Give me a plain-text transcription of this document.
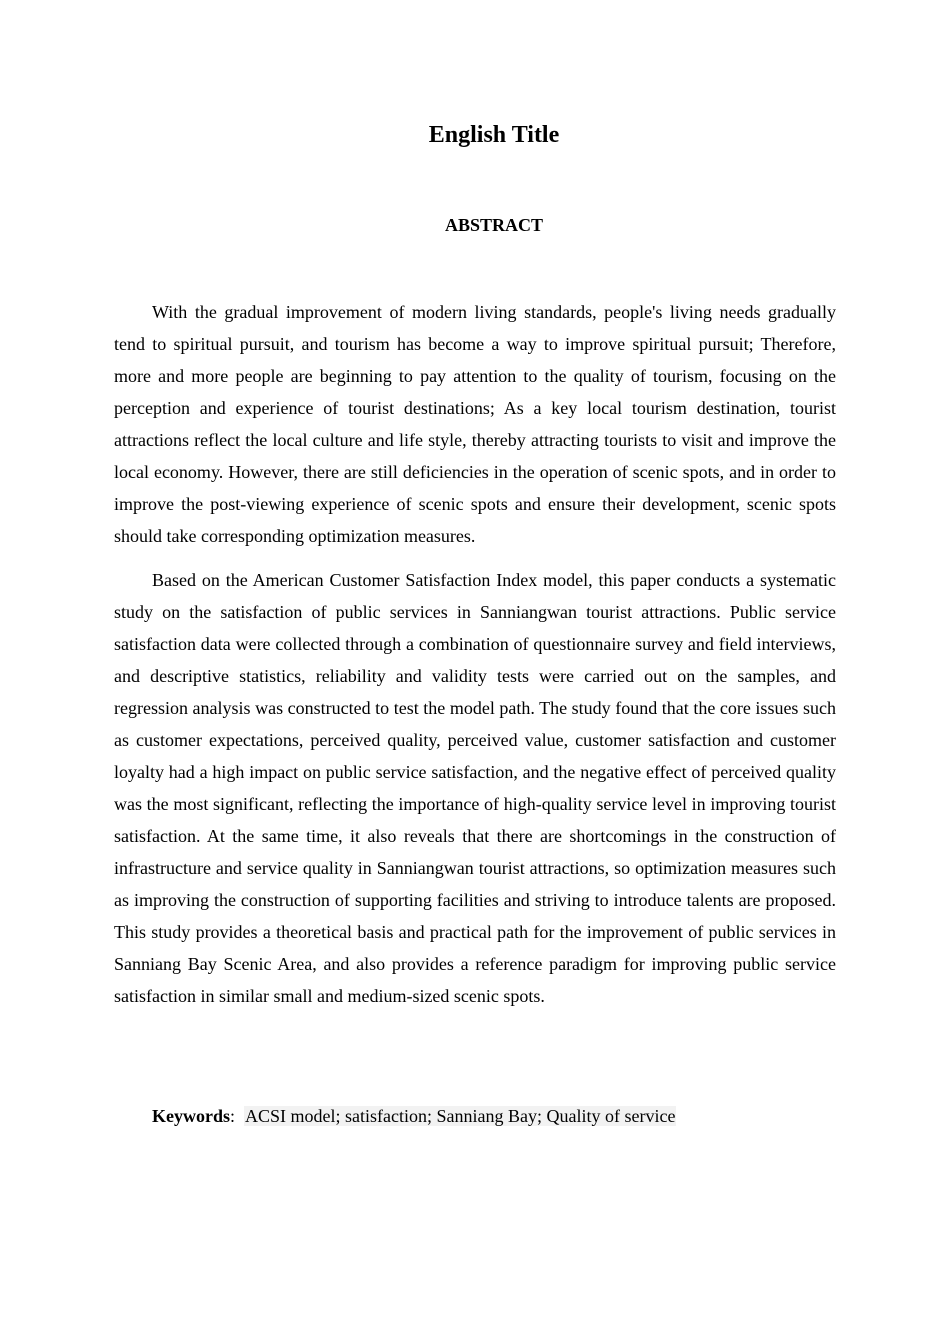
English Title
ABSTRACT

With the gradual improvement of modern living standards, people's living needs gradually tend to spiritual pursuit, and tourism has become a way to improve spiritual pursuit; Therefore, more and more people are beginning to pay attention to the quality of tourism, focusing on the perception and experience of tourist destinations; As a key local tourism destination, tourist attractions reflect the local culture and life style, thereby attracting tourists to visit and improve the local economy. However, there are still deficiencies in the operation of scenic spots, and in order to improve the post-viewing experience of scenic spots and ensure their development, scenic spots should take corresponding optimization measures.

Based on the American Customer Satisfaction Index model, this paper conducts a systematic study on the satisfaction of public services in Sanniangwan tourist attractions. Public service satisfaction data were collected through a combination of questionnaire survey and field interviews, and descriptive statistics, reliability and validity tests were carried out on the samples, and regression analysis was constructed to test the model path. The study found that the core issues such as customer expectations, perceived quality, perceived value, customer satisfaction and customer loyalty had a high impact on public service satisfaction, and the negative effect of perceived quality was the most significant, reflecting the importance of high-quality service level in improving tourist satisfaction. At the same time, it also reveals that there are shortcomings in the construction of infrastructure and service quality in Sanniangwan tourist attractions, so optimization measures such as improving the construction of supporting facilities and striving to introduce talents are proposed. This study provides a theoretical basis and practical path for the improvement of public services in Sanniang Bay Scenic Area, and also provides a reference paradigm for improving public service satisfaction in similar small and medium-sized scenic spots.

Keywords: ACSI model; satisfaction; Sanniang Bay; Quality of service
